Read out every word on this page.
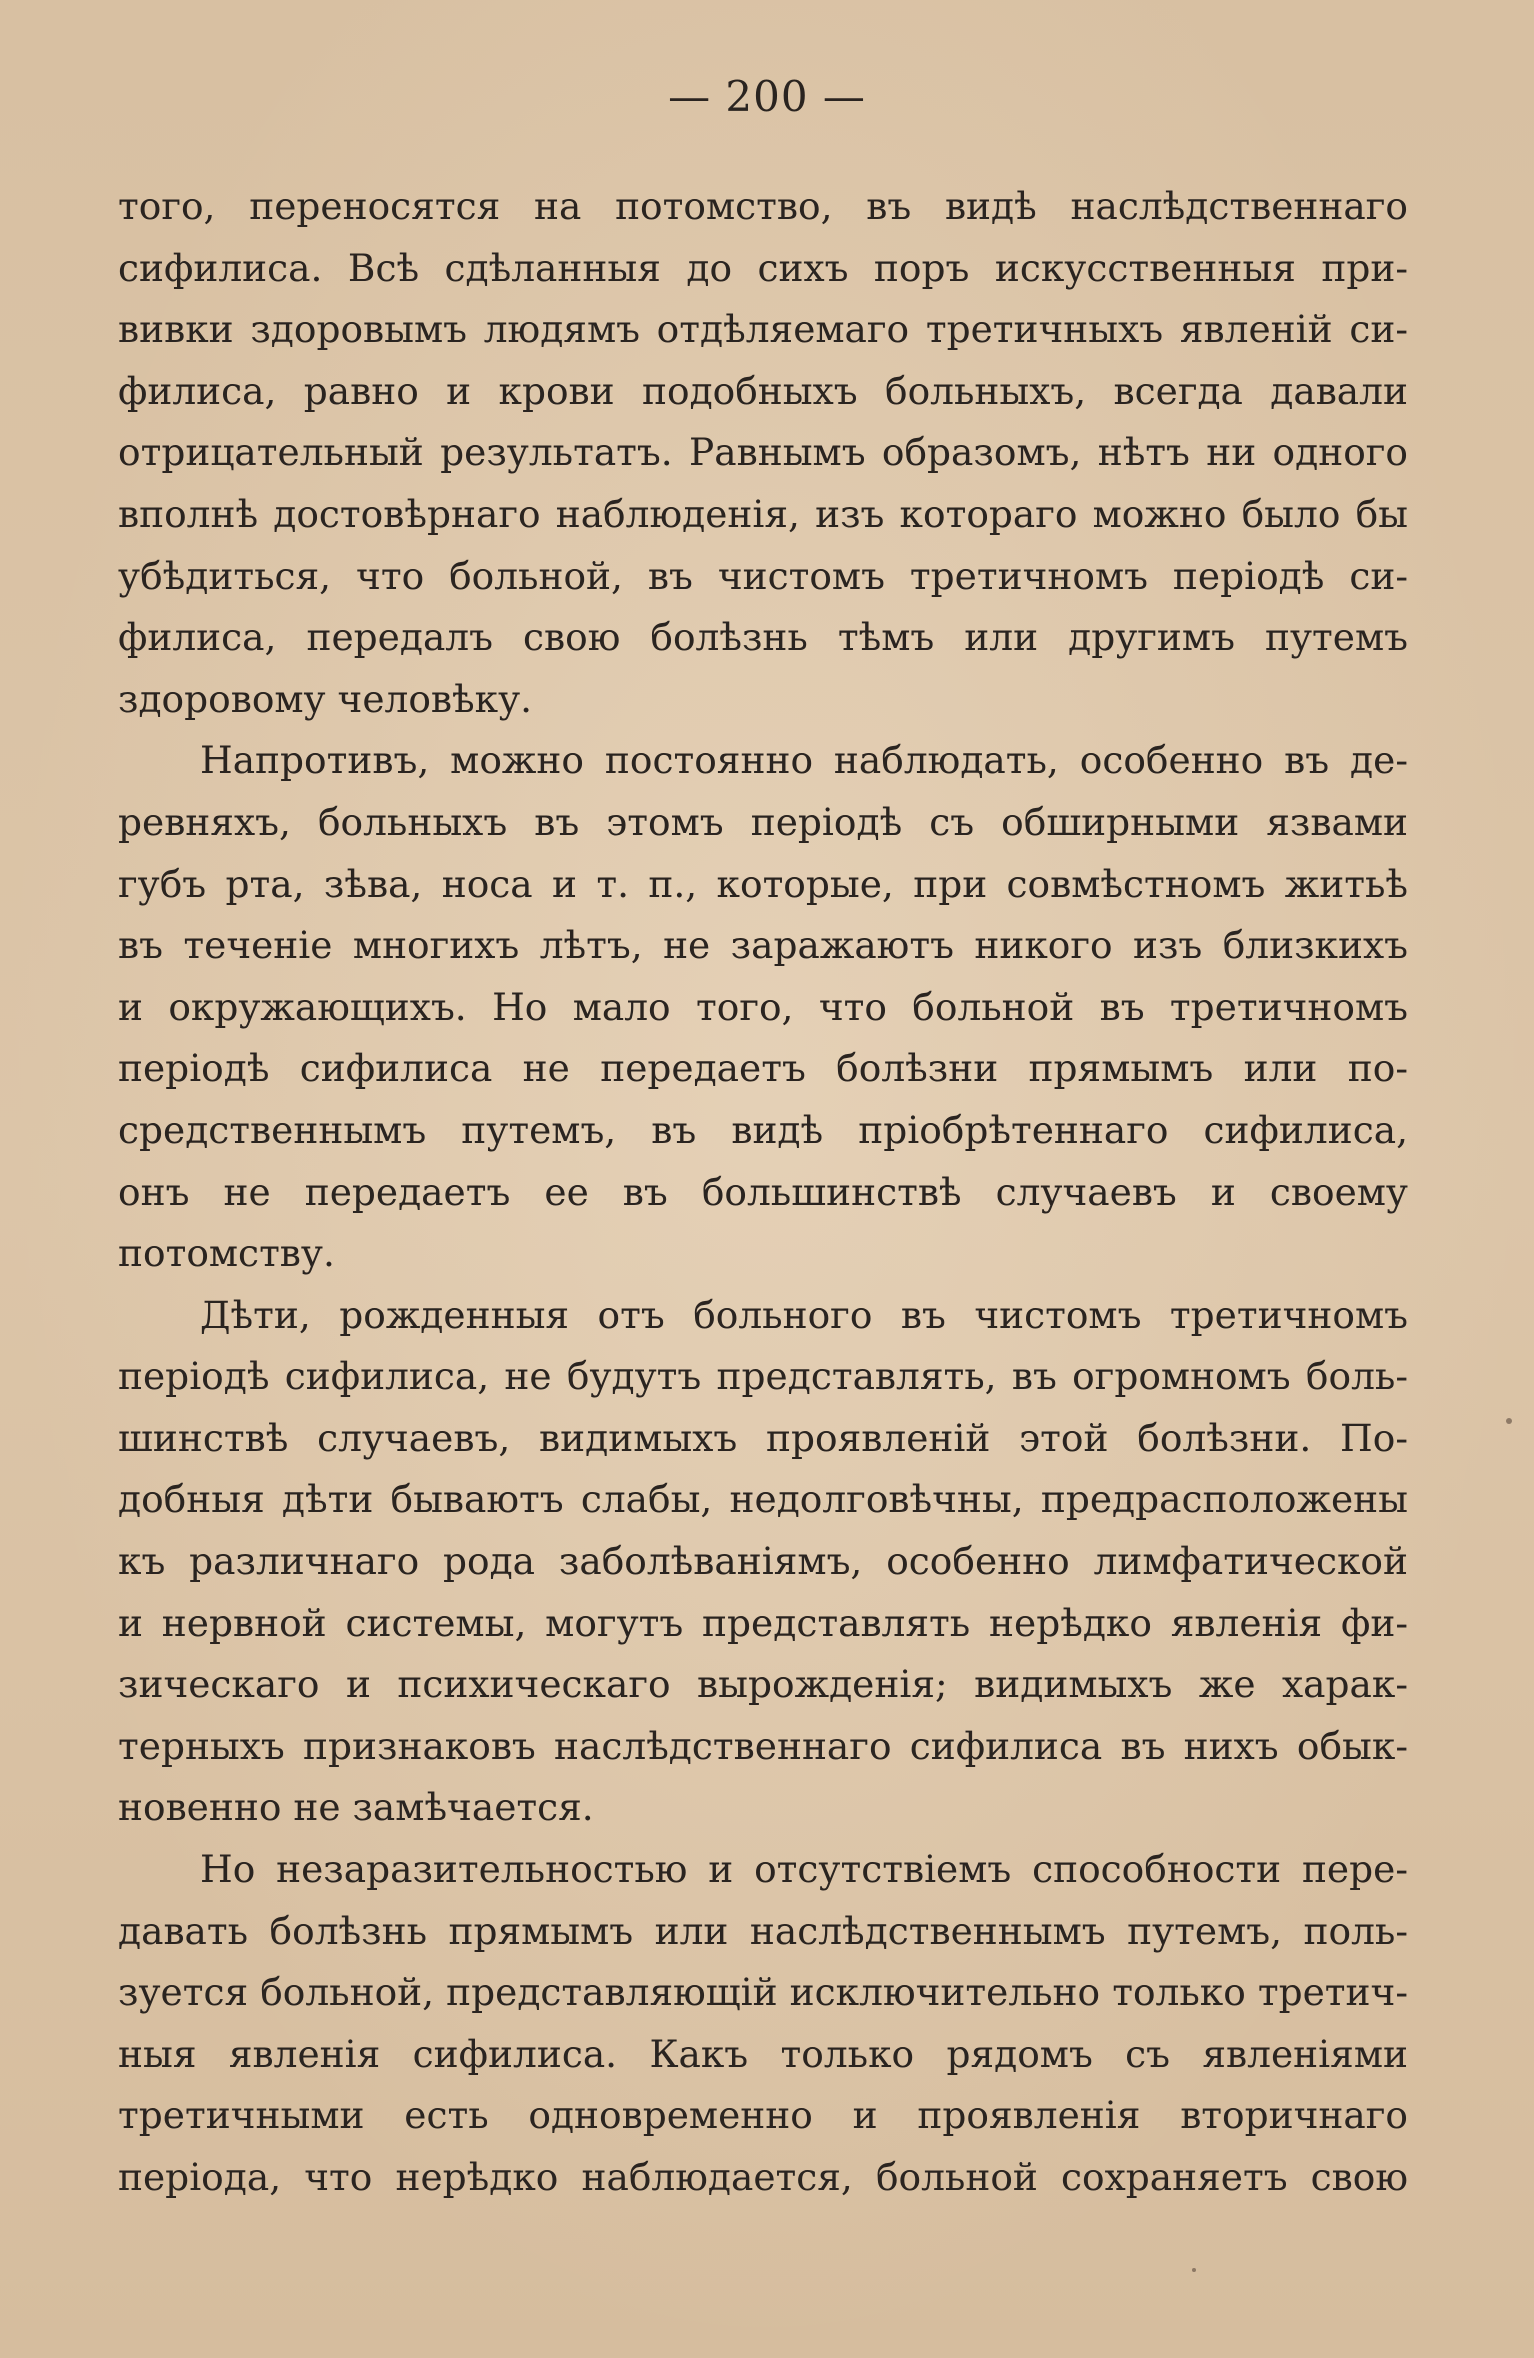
— 200 —
того, переносятся на потомство, въ видѣ наслѣдственнаго
сифилиса. Всѣ сдѣланныя до сихъ поръ искусственныя при-
вивки здоровымъ людямъ отдѣляемаго третичныхъ явленій си-
филиса, равно и крови подобныхъ больныхъ, всегда давали
отрицательный результатъ. Равнымъ образомъ, нѣтъ ни одного
вполнѣ достовѣрнаго наблюденія, изъ котораго можно было бы
убѣдиться, что больной, въ чистомъ третичномъ періодѣ си-
филиса, передалъ свою болѣзнь тѣмъ или другимъ путемъ
здоровому человѣку.
Напротивъ, можно постоянно наблюдать, особенно въ де-
ревняхъ, больныхъ въ этомъ періодѣ съ обширными язвами
губъ рта, зѣва, носа и т. п., которые, при совмѣстномъ житьѣ
въ теченіе многихъ лѣтъ, не заражаютъ никого изъ близкихъ
и окружающихъ. Но мало того, что больной въ третичномъ
періодѣ сифилиса не передаетъ болѣзни прямымъ или по-
средственнымъ путемъ, въ видѣ пріобрѣтеннаго сифилиса,
онъ не передаетъ ее въ большинствѣ случаевъ и своему
потомству.
Дѣти, рожденныя отъ больного въ чистомъ третичномъ
періодѣ сифилиса, не будутъ представлять, въ огромномъ боль-
шинствѣ случаевъ, видимыхъ проявленій этой болѣзни. По-
добныя дѣти бываютъ слабы, недолговѣчны, предрасположены
къ различнаго рода заболѣваніямъ, особенно лимфатической
и нервной системы, могутъ представлять нерѣдко явленія фи-
зическаго и психическаго вырожденія; видимыхъ же харак-
терныхъ признаковъ наслѣдственнаго сифилиса въ нихъ обык-
новенно не замѣчается.
Но незаразительностью и отсутствіемъ способности пере-
давать болѣзнь прямымъ или наслѣдственнымъ путемъ, поль-
зуется больной, представляющій исключительно только третич-
ныя явленія сифилиса. Какъ только рядомъ съ явленіями
третичными есть одновременно и проявленія вторичнаго
періода, что нерѣдко наблюдается, больной сохраняетъ свою
